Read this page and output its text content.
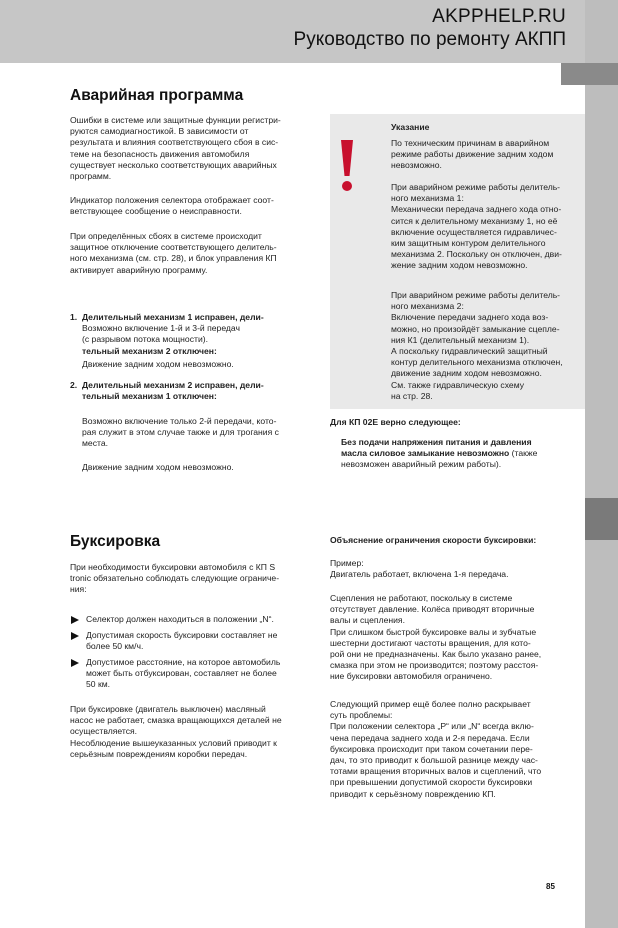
AKPPHELP.RU
Руководство по ремонту АКПП
Аварийная программа
Ошибки в системе или защитные функции регистри-
руются самодиагностикой. В зависимости от
результата и влияния соответствующего сбоя в сис-
теме на безопасность движения автомобиля
существует несколько соответствующих аварийных
программ.
Индикатор положения селектора отображает соот-
ветствующее сообщение о неисправности.
При определённых сбоях в системе происходит
защитное отключение соответствующего делитель-
ного механизма (см. стр. 28), и блок управления КП
активирует аварийную программу.

1.  Делительный механизм 1 исправен, дели-

тельный механизм 2 отключен:

Возможно включение 1-й и 3-й передач
(с разрывом потока мощности).
Движение задним ходом невозможно.
2.  Делительный механизм 2 исправен, дели-
тельный механизм 1 отключен:
Возможно включение только 2-й передачи, кото-
рая служит в этом случае также и для трогания с
места.
Движение задним ходом невозможно.
Указание
По техническим причинам в аварийном
режиме работы движение задним ходом
невозможно.
При аварийном режиме работы делитель-
ного механизма 1:
Механически передача заднего хода отно-
сится к делительному механизму 1, но её
включение осуществляется гидравличес-
ким защитным контуром делительного
механизма 2. Поскольку он отключен, дви-
жение задним ходом невозможно.
При аварийном режиме работы делитель-
ного механизма 2:
Включение передачи заднего хода воз-
можно, но произойдёт замыкание сцепле-
ния К1 (делительный механизм 1).
А поскольку гидравлический защитный
контур делительного механизма отключен,
движение задним ходом невозможно.
См. также гидравлическую схему
на стр. 28.
Для КП 02E верно следующее:
Без подачи напряжения питания и давления
масла силовое замыкание невозможно (также
невозможен аварийный режим работы).
Буксировка
При необходимости буксировки автомобиля с КП S
tronic обязательно соблюдать следующие ограниче-
ния:
Селектор должен находиться в положении „N“.
Допустимая скорость буксировки составляет не
более 50 км/ч.
Допустимое расстояние, на которое автомобиль
может быть отбуксирован, составляет не более
50 км.
При буксировке (двигатель выключен) масляный
насос не работает, смазка вращающихся деталей не
осуществляется.
Несоблюдение вышеуказанных условий приводит к
серьёзным повреждениям коробки передач.
Объяснение ограничения скорости буксировки:
Пример:
Двигатель работает, включена 1-я передача.
Сцепления не работают, поскольку в системе
отсутствует давление. Колёса приводят вторичные
валы и сцепления.
При слишком быстрой буксировке валы и зубчатые
шестерни достигают частоты вращения, для кото-
рой они не предназначены. Как было указано ранее,
смазка при этом не производится; поэтому расстоя-
ние буксировки автомобиля ограничено.
Следующий пример ещё более полно раскрывает
суть проблемы:
При положении селектора „P“ или „N“ всегда вклю-
чена передача заднего хода и 2-я передача. Если
буксировка происходит при таком сочетании пере-
дач, то это приводит к большой разнице между час-
тотами вращения вторичных валов и сцеплений, что
при превышении допустимой скорости буксировки
приводит к серьёзному повреждению КП.
85
